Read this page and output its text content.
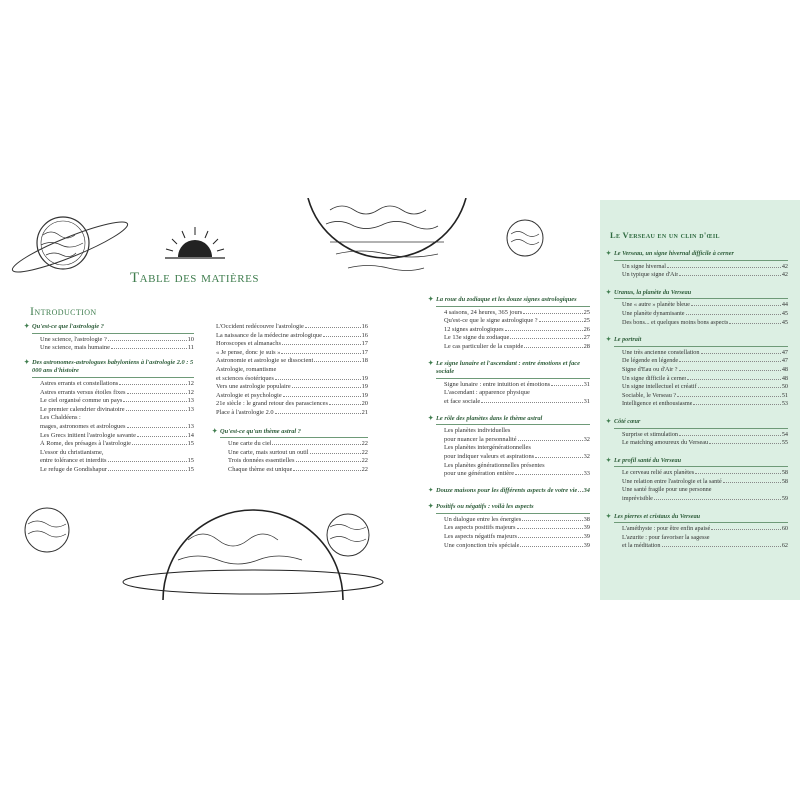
Table des matières
Introduction
✦ Qu'est-ce que l'astrologie ?
Une science, l'astrologie ?	10
Une science, mais humaine	11
✦ Des astronomes-astrologues babyloniens à l'astrologie 2.0 : 5 000 ans d'histoire
Astres errants et constellations	12
Astres errants versus étoiles fixes	12
Le ciel organisé comme un pays	13
Le premier calendrier divinatoire	13
Les Chaldéens :
mages, astronomes et astrologues	13
Les Grecs initient l'astrologie savante	14
À Rome, des présages à l'astrologie	15
L'essor du christianisme,
entre tolérance et interdits	15
Le refuge de Gondishapur	15
L'Occident redécouvre l'astrologie	16
La naissance de la médecine astrologique	16
Horoscopes et almanachs	17
« Je pense, donc je suis »	17
Astronomie et astrologie se dissocient	18
Astrologie, romantisme
et sciences ésotériques	19
Vers une astrologie populaire	19
Astrologie et psychologie	19
21e siècle : le grand retour des parasciences	20
Place à l'astrologie 2.0	21
✦ Qu'est-ce qu'un thème astral ?
Une carte du ciel	22
Une carte, mais surtout un outil	22
Trois données essentielles	22
Chaque thème est unique	22
✦ La roue du zodiaque et les douze signes astrologiques
4 saisons, 24 heures, 365 jours	25
Qu'est-ce que le signe astrologique ?	25
12 signes astrologiques	26
Le 13e signe du zodiaque	27
Le cas particulier de la cuspide	28
✦ Le signe lunaire et l'ascendant : entre émotions et face sociale
Signe lunaire : entre intuition et émotions	31
L'ascendant : apparence physique
et face sociale	31
✦ Le rôle des planètes dans le thème astral
Les planètes individuelles
pour nuancer la personnalité	32
Les planètes intergénérationnelles
pour indiquer valeurs et aspirations	32
Les planètes générationnelles présentes
pour une génération entière	33
✦ Douze maisons pour les différents aspects de votre vie 34
✦ Positifs ou négatifs : voilà les aspects
Un dialogue entre les énergies	38
Les aspects positifs majeurs	39
Les aspects négatifs majeurs	39
Une conjonction très spéciale	39
✦ Le Verseau, un signe hivernal difficile à cerner
Un signe hivernal	42
Un typique signe d'Air	42
✦ Uranus, la planète du Verseau
Une « autre » planète bleue	44
Une planète dynamisante	45
Des bons... et quelques moins bons aspects	45
✦ Le portrait
Une très ancienne constellation	47
De légende en légende	47
Signe d'Eau ou d'Air ?	48
Un signe difficile à cerner	48
Un signe intellectuel et créatif	50
Sociable, le Verseau ?	51
Intelligence et enthousiasme	53
✦ Côté cœur
Surprise et stimulation	54
Le matching amoureux du Verseau	55
✦ Le profil santé du Verseau
Le cerveau relié aux planètes	58
Une relation entre l'astrologie et la santé	58
Une santé fragile pour une personne
imprévisible	59
✦ Les pierres et cristaux du Verseau
L'améthyste : pour être enfin apaisé	60
L'azurite : pour favoriser la sagesse
et la méditation	62
Le Verseau en un clin d'œil
